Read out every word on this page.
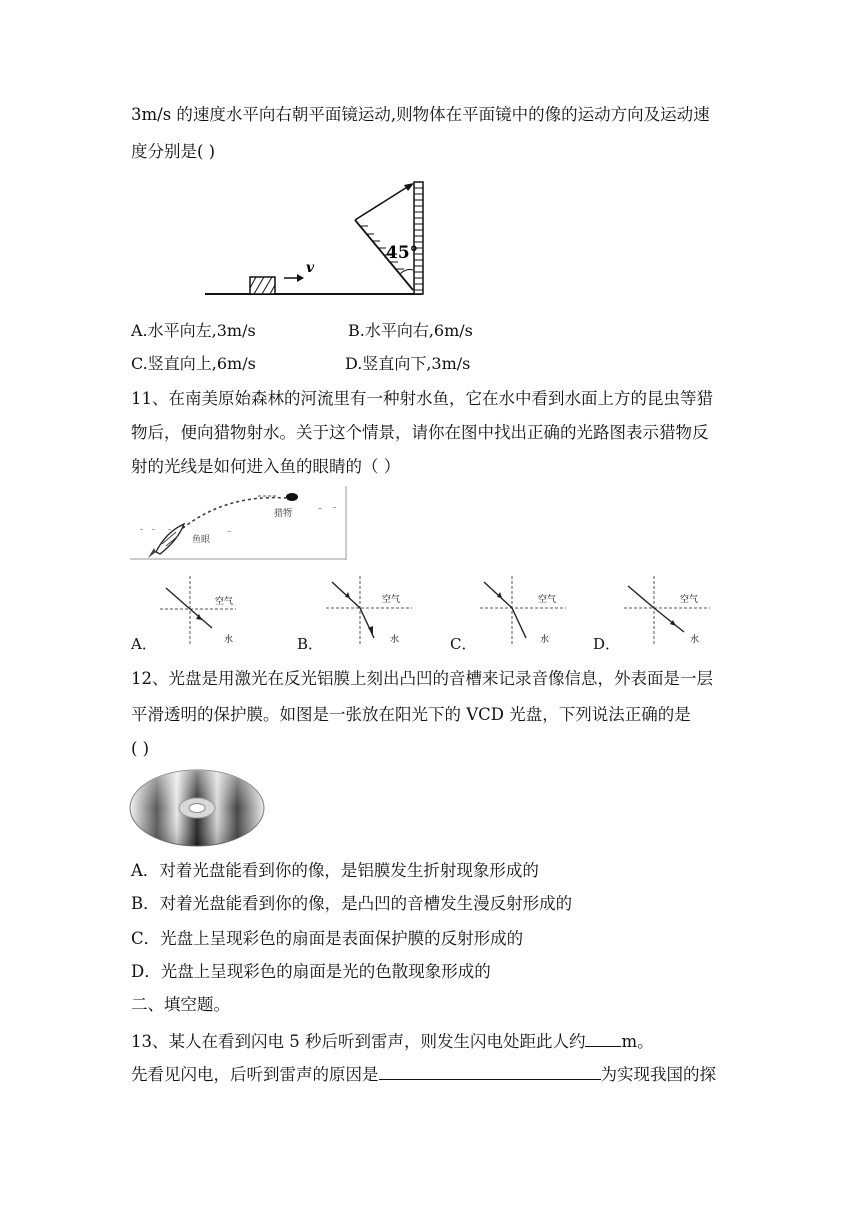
3m/s 的速度水平向右朝平面镜运动,则物体在平面镜中的像的运动方向及运动速
度分别是( )
v
45°
A.水平向左,3m/s	B.水平向右,6m/s
C.竖直向上,6m/s	D.竖直向下,3m/s
11、在南美原始森林的河流里有一种射水鱼，它在水中看到水面上方的昆虫等猎
物后，便向猎物射水。关于这个情景，请你在图中找出正确的光路图表示猎物反
射的光线是如何进入鱼的眼睛的（ ）
猎物
鱼眼
空气
水
A．
空气
水
B．
空气
水
C．
空气
水
D．
12、光盘是用激光在反光铝膜上刻出凸凹的音槽来记录音像信息，外表面是一层
平滑透明的保护膜。如图是一张放在阳光下的 VCD 光盘，下列说法正确的是
( )
A．对着光盘能看到你的像，是铝膜发生折射现象形成的
B．对着光盘能看到你的像，是凸凹的音槽发生漫反射形成的
C．光盘上呈现彩色的扇面是表面保护膜的反射形成的
D．光盘上呈现彩色的扇面是光的色散现象形成的
二、填空题。
13、某人在看到闪电 5 秒后听到雷声，则发生闪电处距此人约 m。
先看见闪电，后听到雷声的原因是	为实现我国的探
